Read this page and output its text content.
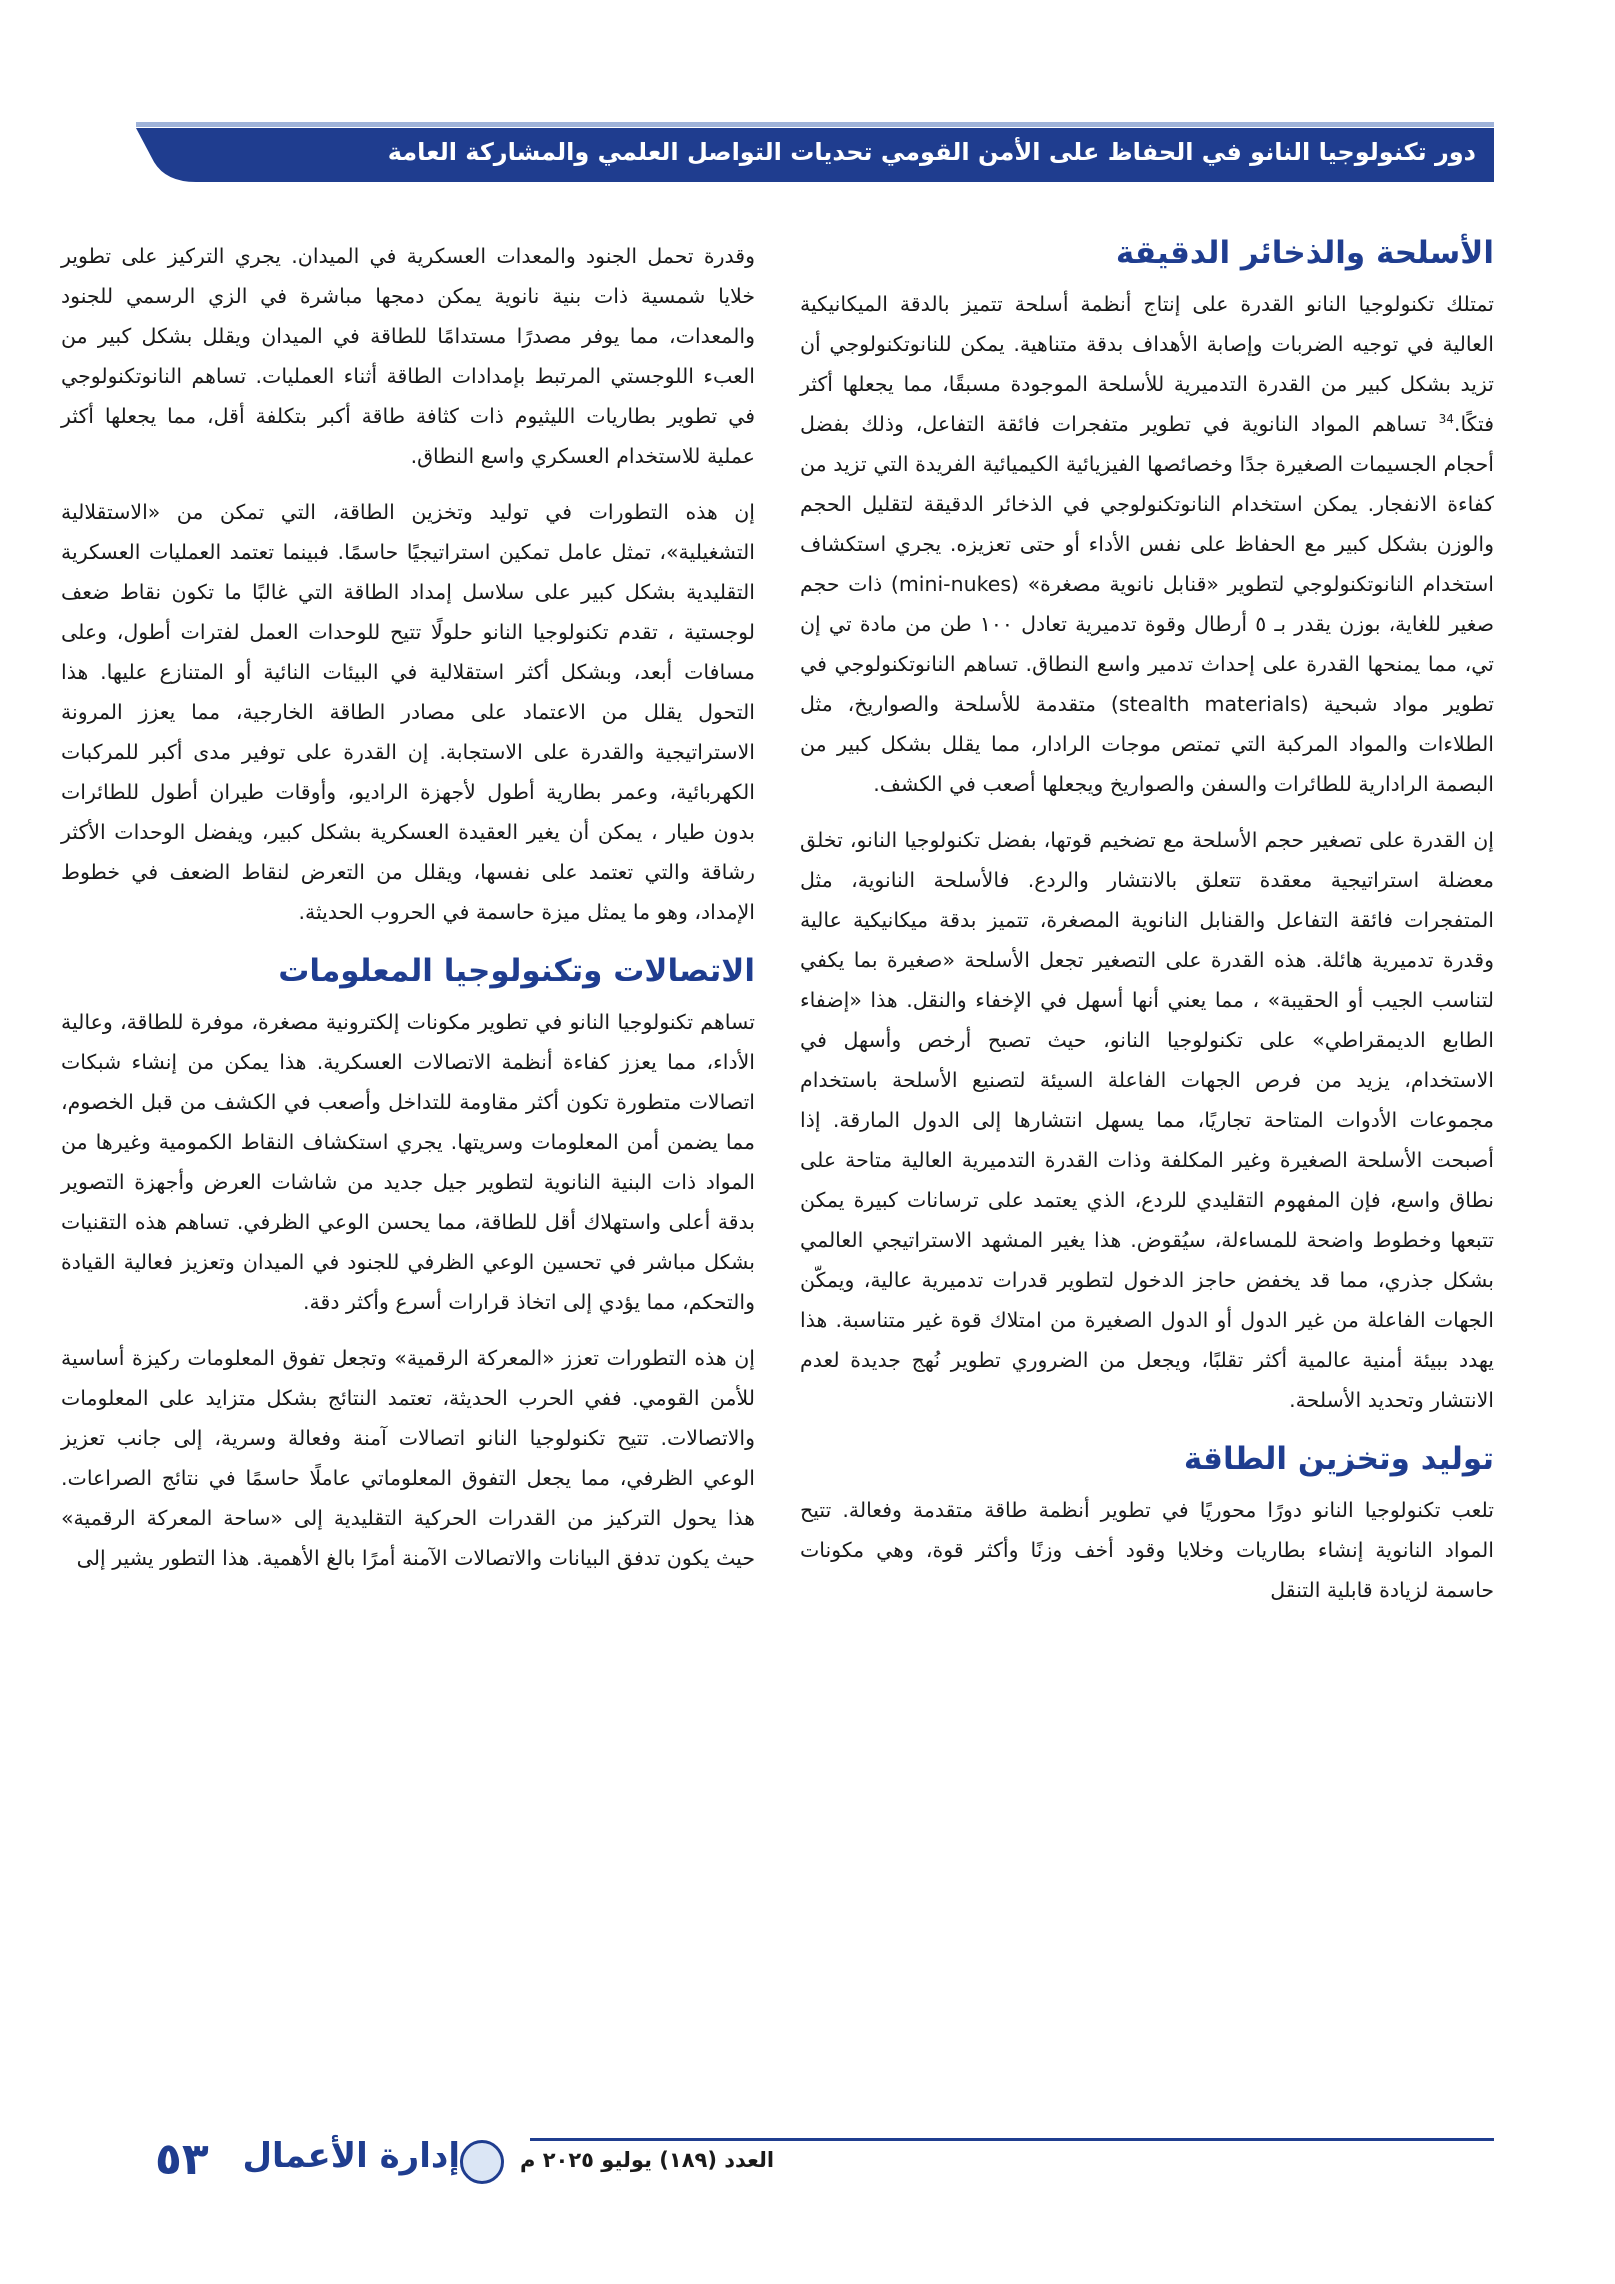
دور تكنولوجيا النانو في الحفاظ على الأمن القومي تحديات التواصل العلمي والمشاركة العامة
الأسلحة والذخائر الدقيقة

تمتلك تكنولوجيا النانو القدرة على إنتاج أنظمة أسلحة تتميز بالدقة الميكانيكية العالية في توجيه الضربات وإصابة الأهداف بدقة متناهية. يمكن للنانوتكنولوجي أن تزيد بشكل كبير من القدرة التدميرية للأسلحة الموجودة مسبقًا، مما يجعلها أكثر فتكًا.$^{34}$ تساهم المواد النانوية في تطوير متفجرات فائقة التفاعل، وذلك بفضل أحجام الجسيمات الصغيرة جدًا وخصائصها الفيزيائية الكيميائية الفريدة التي تزيد من كفاءة الانفجار. يمكن استخدام النانوتكنولوجي في الذخائر الدقيقة لتقليل الحجم والوزن بشكل كبير مع الحفاظ على نفس الأداء أو حتى تعزيزه. يجري استكشاف استخدام النانوتكنولوجي لتطوير «قنابل نانوية مصغرة» (mini-nukes) ذات حجم صغير للغاية، بوزن يقدر بـ ٥ أرطال وقوة تدميرية تعادل ١٠٠ طن من مادة تي إن تي، مما يمنحها القدرة على إحداث تدمير واسع النطاق. تساهم النانوتكنولوجي في تطوير مواد شبحية (stealth materials) متقدمة للأسلحة والصواريخ، مثل الطلاءات والمواد المركبة التي تمتص موجات الرادار، مما يقلل بشكل كبير من البصمة الرادارية للطائرات والسفن والصواريخ ويجعلها أصعب في الكشف.

إن القدرة على تصغير حجم الأسلحة مع تضخيم قوتها، بفضل تكنولوجيا النانو، تخلق معضلة استراتيجية معقدة تتعلق بالانتشار والردع. فالأسلحة النانوية، مثل المتفجرات فائقة التفاعل والقنابل النانوية المصغرة، تتميز بدقة ميكانيكية عالية وقدرة تدميرية هائلة. هذه القدرة على التصغير تجعل الأسلحة «صغيرة بما يكفي لتناسب الجيب أو الحقيبة» ، مما يعني أنها أسهل في الإخفاء والنقل. هذا «إضفاء الطابع الديمقراطي» على تكنولوجيا النانو، حيث تصبح أرخص وأسهل في الاستخدام، يزيد من فرص الجهات الفاعلة السيئة لتصنيع الأسلحة باستخدام مجموعات الأدوات المتاحة تجاريًا، مما يسهل انتشارها إلى الدول المارقة. إذا أصبحت الأسلحة الصغيرة وغير المكلفة وذات القدرة التدميرية العالية متاحة على نطاق واسع، فإن المفهوم التقليدي للردع، الذي يعتمد على ترسانات كبيرة يمكن تتبعها وخطوط واضحة للمساءلة، سيُقوض. هذا يغير المشهد الاستراتيجي العالمي بشكل جذري، مما قد يخفض حاجز الدخول لتطوير قدرات تدميرية عالية، ويمكّن الجهات الفاعلة من غير الدول أو الدول الصغيرة من امتلاك قوة غير متناسبة. هذا يهدد ببيئة أمنية عالمية أكثر تقلبًا، ويجعل من الضروري تطوير نُهج جديدة لعدم الانتشار وتحديد الأسلحة.

توليد وتخزين الطاقة

تلعب تكنولوجيا النانو دورًا محوريًا في تطوير أنظمة طاقة متقدمة وفعالة. تتيح المواد النانوية إنشاء بطاريات وخلايا وقود أخف وزنًا وأكثر قوة، وهي مكونات حاسمة لزيادة قابلية التنقل

وقدرة تحمل الجنود والمعدات العسكرية في الميدان. يجري التركيز على تطوير خلايا شمسية ذات بنية نانوية يمكن دمجها مباشرة في الزي الرسمي للجنود والمعدات، مما يوفر مصدرًا مستدامًا للطاقة في الميدان ويقلل بشكل كبير من العبء اللوجستي المرتبط بإمدادات الطاقة أثناء العمليات. تساهم النانوتكنولوجي في تطوير بطاريات الليثيوم ذات كثافة طاقة أكبر بتكلفة أقل، مما يجعلها أكثر عملية للاستخدام العسكري واسع النطاق.

إن هذه التطورات في توليد وتخزين الطاقة، التي تمكن من «الاستقلالية التشغيلية»، تمثل عامل تمكين استراتيجيًا حاسمًا. فبينما تعتمد العمليات العسكرية التقليدية بشكل كبير على سلاسل إمداد الطاقة التي غالبًا ما تكون نقاط ضعف لوجستية ، تقدم تكنولوجيا النانو حلولًا تتيح للوحدات العمل لفترات أطول، وعلى مسافات أبعد، وبشكل أكثر استقلالية في البيئات النائية أو المتنازع عليها. هذا التحول يقلل من الاعتماد على مصادر الطاقة الخارجية، مما يعزز المرونة الاستراتيجية والقدرة على الاستجابة. إن القدرة على توفير مدى أكبر للمركبات الكهربائية، وعمر بطارية أطول لأجهزة الراديو، وأوقات طيران أطول للطائرات بدون طيار ، يمكن أن يغير العقيدة العسكرية بشكل كبير، ويفضل الوحدات الأكثر رشاقة والتي تعتمد على نفسها، ويقلل من التعرض لنقاط الضعف في خطوط الإمداد، وهو ما يمثل ميزة حاسمة في الحروب الحديثة.

الاتصالات وتكنولوجيا المعلومات

تساهم تكنولوجيا النانو في تطوير مكونات إلكترونية مصغرة، موفرة للطاقة، وعالية الأداء، مما يعزز كفاءة أنظمة الاتصالات العسكرية. هذا يمكن من إنشاء شبكات اتصالات متطورة تكون أكثر مقاومة للتداخل وأصعب في الكشف من قبل الخصوم، مما يضمن أمن المعلومات وسريتها. يجري استكشاف النقاط الكمومية وغيرها من المواد ذات البنية النانوية لتطوير جيل جديد من شاشات العرض وأجهزة التصوير بدقة أعلى واستهلاك أقل للطاقة، مما يحسن الوعي الظرفي. تساهم هذه التقنيات بشكل مباشر في تحسين الوعي الظرفي للجنود في الميدان وتعزيز فعالية القيادة والتحكم، مما يؤدي إلى اتخاذ قرارات أسرع وأكثر دقة.

إن هذه التطورات تعزز «المعركة الرقمية» وتجعل تفوق المعلومات ركيزة أساسية للأمن القومي. ففي الحرب الحديثة، تعتمد النتائج بشكل متزايد على المعلومات والاتصالات. تتيح تكنولوجيا النانو اتصالات آمنة وفعالة وسرية، إلى جانب تعزيز الوعي الظرفي، مما يجعل التفوق المعلوماتي عاملًا حاسمًا في نتائج الصراعات. هذا يحول التركيز من القدرات الحركية التقليدية إلى «ساحة المعركة الرقمية» حيث يكون تدفق البيانات والاتصالات الآمنة أمرًا بالغ الأهمية. هذا التطور يشير إلى

٥٣ إدارة الأعمال	العدد (١٨٩) يوليو ٢٠٢٥ م
